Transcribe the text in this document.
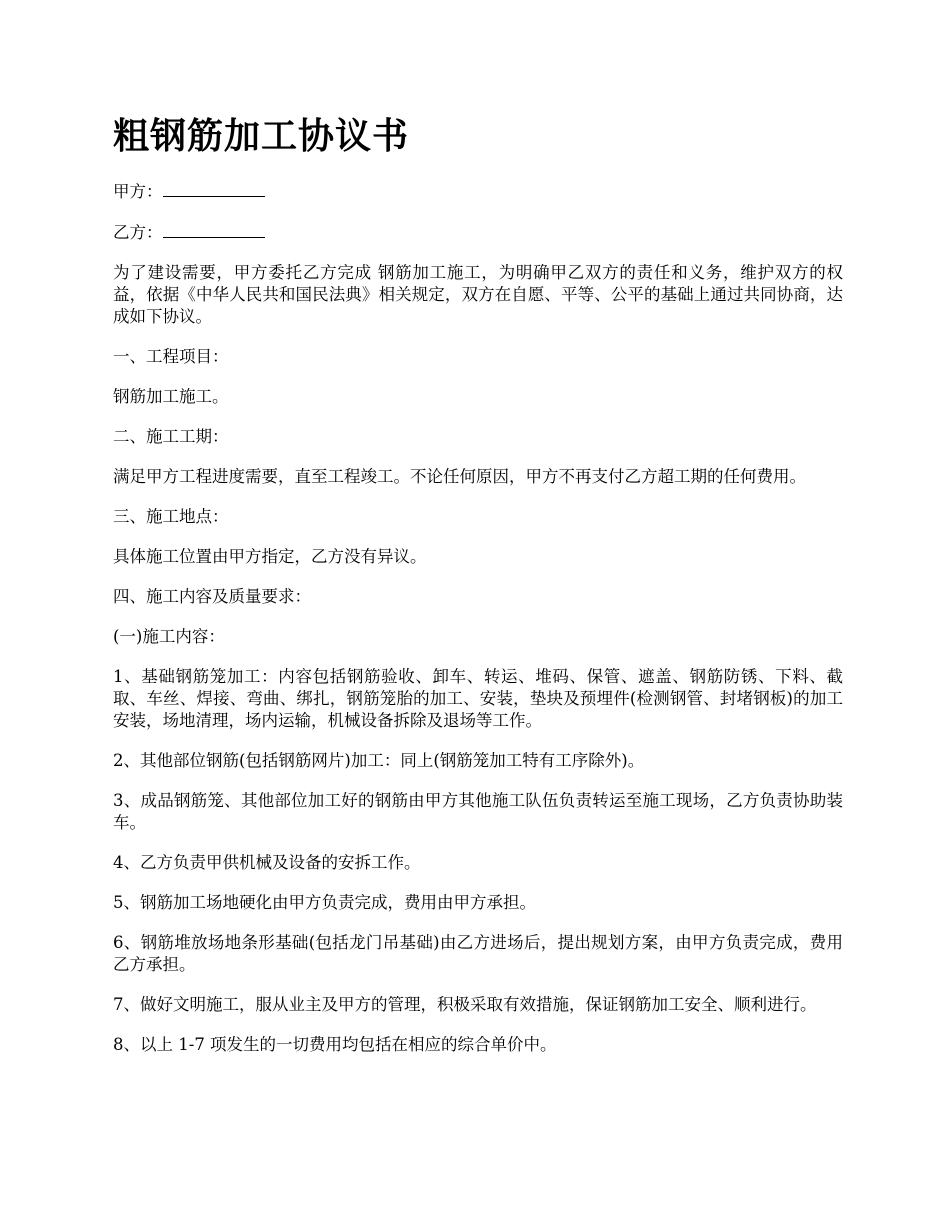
粗钢筋加工协议书

甲方：

乙方：

为了建设需要，甲方委托乙方完成 钢筋加工施工，为明确甲乙双方的责任和义务，维护双方的权益，依据《中华人民共和国民法典》相关规定，双方在自愿、平等、公平的基础上通过共同协商，达成如下协议。

一、工程项目：

钢筋加工施工。

二、施工工期：

满足甲方工程进度需要，直至工程竣工。不论任何原因，甲方不再支付乙方超工期的任何费用。

三、施工地点：

具体施工位置由甲方指定，乙方没有异议。

四、施工内容及质量要求：

(一)施工内容：

1、基础钢筋笼加工：内容包括钢筋验收、卸车、转运、堆码、保管、遮盖、钢筋防锈、下料、截取、车丝、焊接、弯曲、绑扎，钢筋笼胎的加工、安装，垫块及预埋件(检测钢管、封堵钢板)的加工安装，场地清理，场内运输，机械设备拆除及退场等工作。

2、其他部位钢筋(包括钢筋网片)加工：同上(钢筋笼加工特有工序除外)。

3、成品钢筋笼、其他部位加工好的钢筋由甲方其他施工队伍负责转运至施工现场，乙方负责协助装车。

4、乙方负责甲供机械及设备的安拆工作。

5、钢筋加工场地硬化由甲方负责完成，费用由甲方承担。

6、钢筋堆放场地条形基础(包括龙门吊基础)由乙方进场后，提出规划方案，由甲方负责完成，费用乙方承担。

7、做好文明施工，服从业主及甲方的管理，积极采取有效措施，保证钢筋加工安全、顺利进行。

8、以上 1-7 项发生的一切费用均包括在相应的综合单价中。
